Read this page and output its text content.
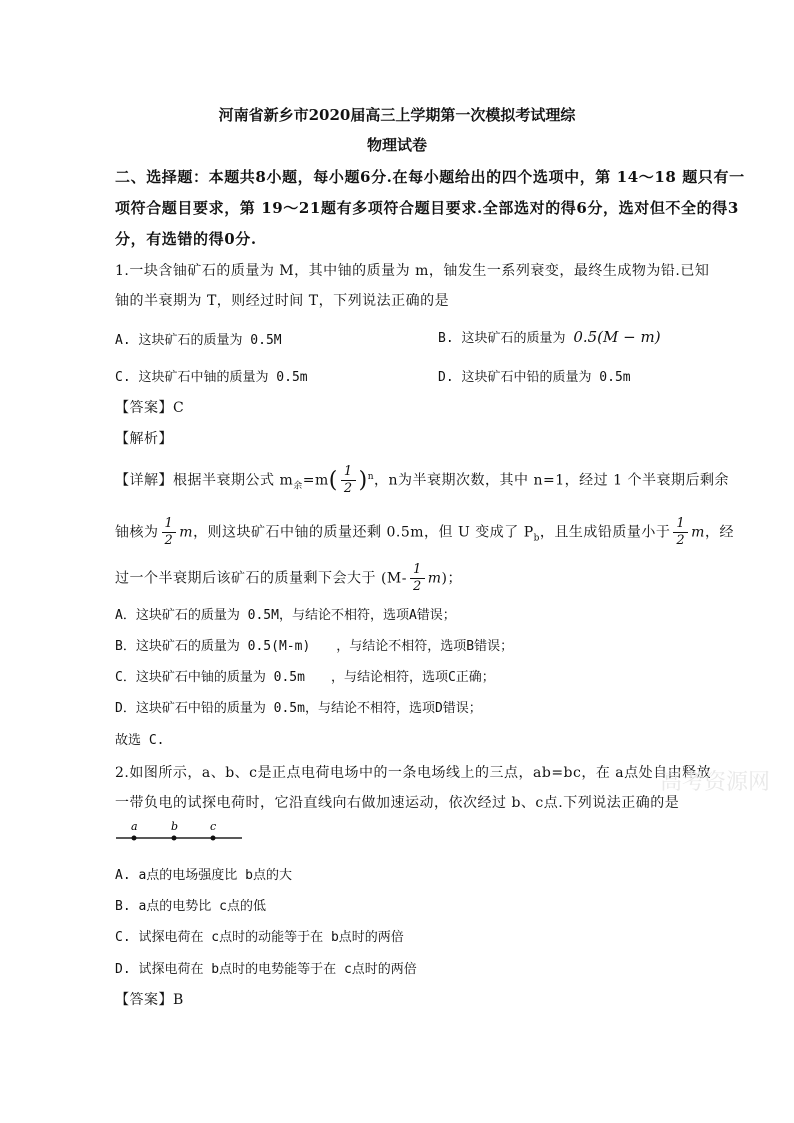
河南省新乡市2020届高三上学期第一次模拟考试理综
物理试卷
二、选择题：本题共8小题，每小题6分.在每小题给出的四个选项中，第 14～18 题只有一
项符合题目要求，第 19～21题有多项符合题目要求.全部选对的得6分，选对但不全的得3
分，有选错的得0分.
1.一块含铀矿石的质量为 M，其中铀的质量为 m，铀发生一系列衰变，最终生成物为铅.已知
铀的半衰期为 T，则经过时间 T，下列说法正确的是
A. 这块矿石的质量为 0.5M	B. 这块矿石的质量为 0.5(M − m)
C. 这块矿石中铀的质量为 0.5m	D. 这块矿石中铅的质量为 0.5m
【答案】C
【解析】
【详解】根据半衰期公式 $m_余=m( \frac{1}{2} )^n$，n为半衰期次数，其中 n=1，经过 1 个半衰期后剩余
铀核为 $\frac{1}{2}$ m，则这块矿石中铀的质量还剩 0.5m，但 U 变成了 $P_b$，且生成铅质量小于 $\frac{1}{2}$ m，经
过一个半衰期后该矿石的质量剩下会大于 $(M- \frac{1}{2} m)$；
A．这块矿石的质量为 0.5M，与结论不相符，选项A错误；
B．这块矿石的质量为 0.5(M-m)　　，与结论不相符，选项B错误；
C．这块矿石中铀的质量为 0.5m　　，与结论相符，选项C正确；
D．这块矿石中铅的质量为 0.5m，与结论不相符，选项D错误；
故选 C.
2.如图所示，a、b、c是正点电荷电场中的一条电场线上的三点，ab=bc，在 a点处自由释放
一带负电的试探电荷时，它沿直线向右做加速运动，依次经过 b、c点.下列说法正确的是
高考资源网
a	b	c
A. a点的电场强度比 b点的大
B. a点的电势比 c点的低
C. 试探电荷在 c点时的动能等于在 b点时的两倍
D. 试探电荷在 b点时的电势能等于在 c点时的两倍
【答案】B
